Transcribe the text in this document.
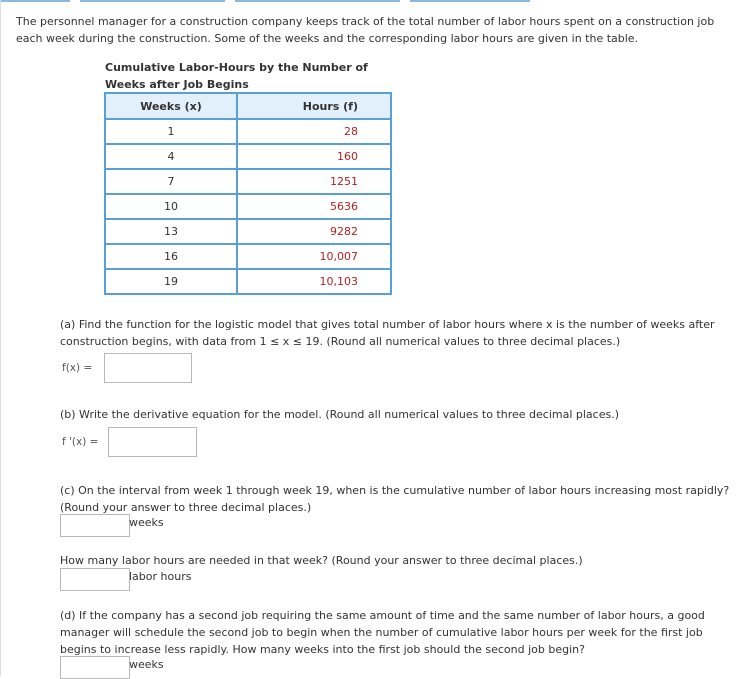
The personnel manager for a construction company keeps track of the total number of labor hours spent on a construction job each week during the construction. Some of the weeks and the corresponding labor hours are given in the table.
Cumulative Labor-Hours by the Number of
Weeks after Job Begins
Weeks (x)	Hours (f)
1	28
4	160
7	1251
10	5636
13	9282
16	10,007
19	10,103
(a) Find the function for the logistic model that gives total number of labor hours where x is the number of weeks after construction begins, with data from 1 ≤ x ≤ 19. (Round all numerical values to three decimal places.)
f(x) =
(b) Write the derivative equation for the model. (Round all numerical values to three decimal places.)
f '(x) =
(c) On the interval from week 1 through week 19, when is the cumulative number of labor hours increasing most rapidly? (Round your answer to three decimal places.)
weeks
How many labor hours are needed in that week? (Round your answer to three decimal places.)
labor hours
(d) If the company has a second job requiring the same amount of time and the same number of labor hours, a good manager will schedule the second job to begin when the number of cumulative labor hours per week for the first job begins to increase less rapidly. How many weeks into the first job should the second job begin?
weeks
